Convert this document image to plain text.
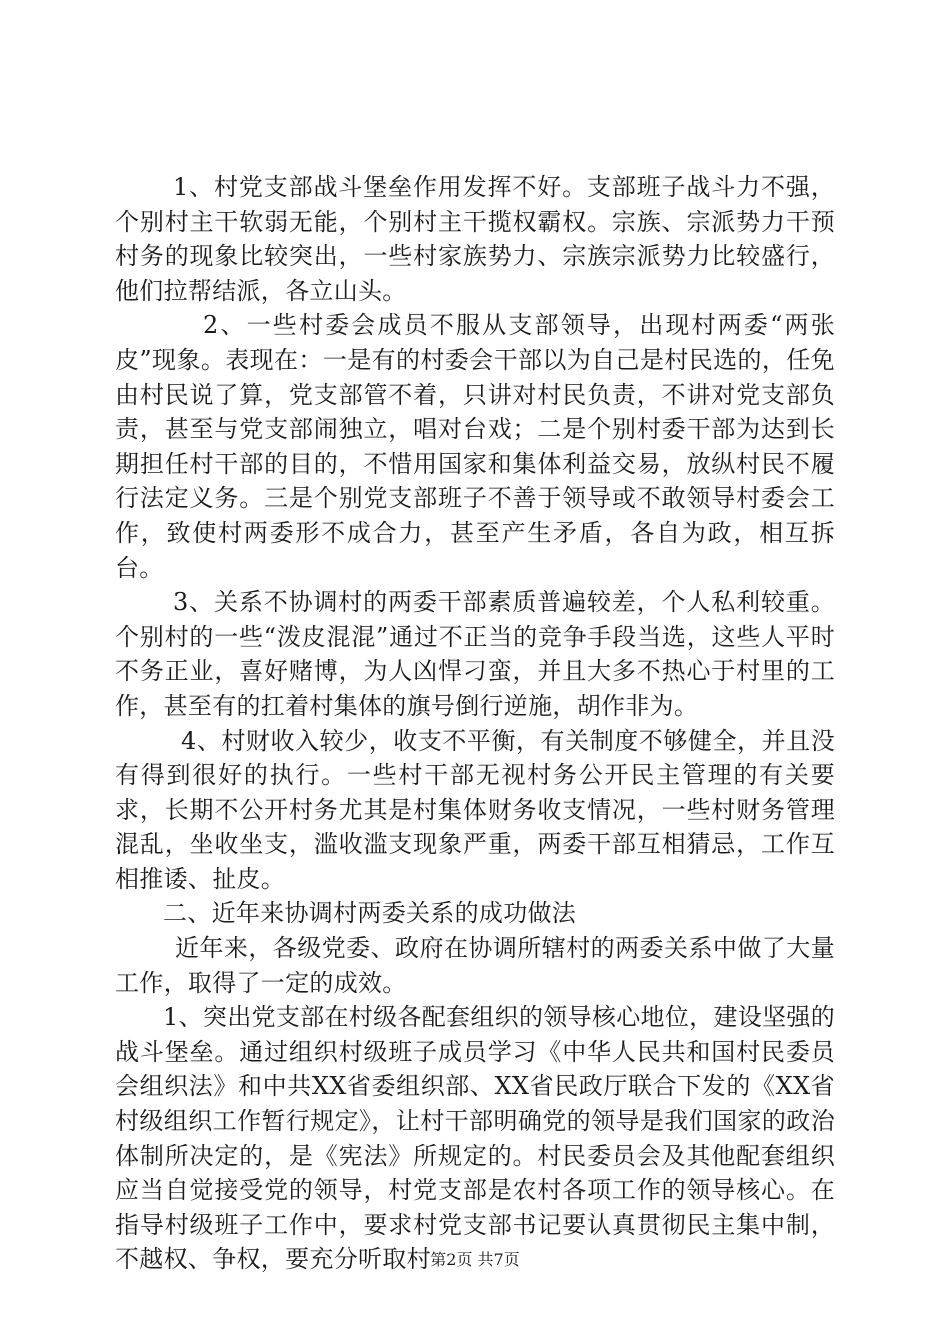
1、村党支部战斗堡垒作用发挥不好。支部班子战斗力不强，个别村主干软弱无能，个别村主干揽权霸权。宗族、宗派势力干预村务的现象比较突出，一些村家族势力、宗族宗派势力比较盛行，他们拉帮结派，各立山头。

2、一些村委会成员不服从支部领导，出现村两委“两张皮”现象。表现在：一是有的村委会干部以为自己是村民选的，任免由村民说了算，党支部管不着，只讲对村民负责，不讲对党支部负责，甚至与党支部闹独立，唱对台戏；二是个别村委干部为达到长期担任村干部的目的，不惜用国家和集体利益交易，放纵村民不履行法定义务。三是个别党支部班子不善于领导或不敢领导村委会工作，致使村两委形不成合力，甚至产生矛盾，各自为政，相互拆台。

3、关系不协调村的两委干部素质普遍较差，个人私利较重。个别村的一些“泼皮混混”通过不正当的竞争手段当选，这些人平时不务正业，喜好赌博，为人凶悍刁蛮，并且大多不热心于村里的工作，甚至有的扛着村集体的旗号倒行逆施，胡作非为。

4、村财收入较少，收支不平衡，有关制度不够健全，并且没有得到很好的执行。一些村干部无视村务公开民主管理的有关要求，长期不公开村务尤其是村集体财务收支情况，一些村财务管理混乱，坐收坐支，滥收滥支现象严重，两委干部互相猜忌，工作互相推诿、扯皮。

二、近年来协调村两委关系的成功做法

近年来，各级党委、政府在协调所辖村的两委关系中做了大量工作，取得了一定的成效。

1、突出党支部在村级各配套组织的领导核心地位，建设坚强的战斗堡垒。通过组织村级班子成员学习《中华人民共和国村民委员会组织法》和中共XX省委组织部、XX省民政厅联合下发的《XX省村级组织工作暂行规定》，让村干部明确党的领导是我们国家的政治体制所决定的，是《宪法》所规定的。村民委员会及其他配套组织应当自觉接受党的领导，村党支部是农村各项工作的领导核心。在指导村级班子工作中，要求村党支部书记要认真贯彻民主集中制，不越权、争权，要充分听取村 第2页 共7页
